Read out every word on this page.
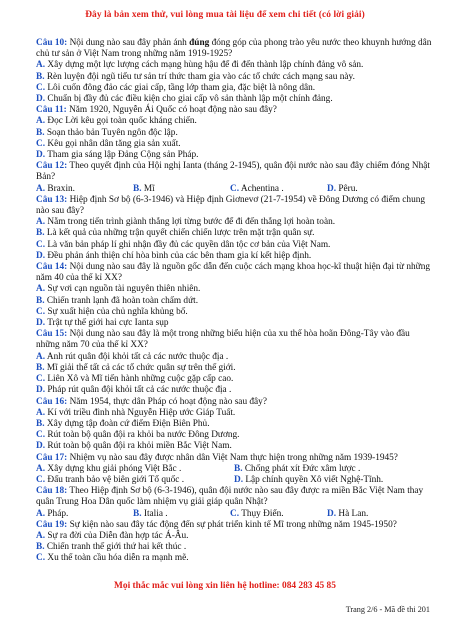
Đây là bản xem thử, vui lòng mua tài liệu để xem chi tiết (có lời giải)
Câu 10: Nội dung nào sau đây phản ánh đúng đóng góp của phong trào yêu nước theo khuynh hướng dân chủ tư sản ở Việt Nam trong những năm 1919-1925?
A. Xây dựng một lực lượng cách mạng hùng hậu để đi đến thành lập chính đảng vô sản.
B. Rèn luyện đội ngũ tiểu tư sản trí thức tham gia vào các tổ chức cách mạng sau này.
C. Lôi cuốn đông đảo các giai cấp, tầng lớp tham gia, đặc biệt là nông dân.
D. Chuẩn bị đầy đủ các điều kiện cho giai cấp vô sản thành lập một chính đảng.
Câu 11: Năm 1920, Nguyễn Ái Quốc có hoạt động nào sau đây?
A. Đọc Lời kêu gọi toàn quốc kháng chiến.
B. Soạn thảo bản Tuyên ngôn độc lập.
C. Kêu gọi nhân dân tăng gia sản xuất.
D. Tham gia sáng lập Đảng Cộng sản Pháp.
Câu 12: Theo quyết định của Hội nghị Ianta (tháng 2-1945), quân đội nước nào sau đây chiếm đóng Nhật Bản?
A. Braxin.	B. Mĩ	C. Achentina .	D. Pêru.
Câu 13: Hiệp định Sơ bộ (6-3-1946) và Hiệp định Giơnevơ (21-7-1954) về Đông Dương có điểm chung nào sau đây?
A. Nằm trong tiến trình giành thắng lợi từng bước để đi đến thắng lợi hoàn toàn.
B. Là kết quả của những trận quyết chiến chiến lược trên mặt trận quân sự.
C. Là văn bản pháp lí ghi nhận đầy đủ các quyền dân tộc cơ bản của Việt Nam.
D. Đều phản ánh thiện chí hòa bình của các bên tham gia kí kết hiệp định.
Câu 14: Nội dung nào sau đây là nguồn gốc dẫn đến cuộc cách mạng khoa học-kĩ thuật hiện đại từ những năm 40 của thế kỉ XX?
A. Sự vơi cạn nguồn tài nguyên thiên nhiên.
B. Chiến tranh lạnh đã hoàn toàn chấm dứt.
C. Sự xuất hiện của chủ nghĩa khủng bố.
D. Trật tự thế giới hai cực Ianta sụp
Câu 15: Nội dung nào sau đây là một trong những biểu hiện của xu thế hòa hoãn Đông-Tây vào đầu những năm 70 của thế kỉ XX?
A. Anh rút quân đội khỏi tất cả các nước thuộc địa .
B. Mĩ giải thể tất cả các tổ chức quân sự trên thế giới.
C. Liên Xô và Mĩ tiến hành những cuộc gặp cấp cao.
D. Pháp rút quân đội khỏi tất cả các nước thuộc địa .
Câu 16: Năm 1954, thực dân Pháp có hoạt động nào sau đây?
A. Kí với triều đình nhà Nguyễn Hiệp ước Giáp Tuất.
B. Xây dựng tập đoàn cứ điểm Điện Biên Phủ.
C. Rút toàn bộ quân đội ra khỏi ba nước Đông Dương.
D. Rút toàn bộ quân đội ra khỏi miền Bắc Việt Nam.
Câu 17: Nhiệm vụ nào sau đây được nhân dân Việt Nam thực hiện trong những năm 1939-1945?
A. Xây dựng khu giải phóng Việt Bắc .	B. Chống phát xít Đức xâm lược .
C. Đấu tranh bảo vệ biên giới Tổ quốc .	D. Lập chính quyền Xô viết Nghệ-Tĩnh.
Câu 18: Theo Hiệp định Sơ bộ (6-3-1946), quân đội nước nào sau đây được ra miền Bắc Việt Nam thay quân Trung Hoa Dân quốc làm nhiệm vụ giải giáp quân Nhật?
A. Pháp.	B. Italia .	C. Thụy Điển.	D. Hà Lan.
Câu 19: Sự kiện nào sau đây tác động đến sự phát triển kinh tế Mĩ trong những năm 1945-1950?
A. Sự ra đời của Diễn đàn hợp tác Á-Âu.
B. Chiến tranh thế giới thứ hai kết thúc .
C. Xu thế toàn cầu hóa diễn ra mạnh mẽ.
Mọi thắc mắc vui lòng xin liên hệ hotline: 084 283 45 85
Trang 2/6 - Mã đề thi 201
